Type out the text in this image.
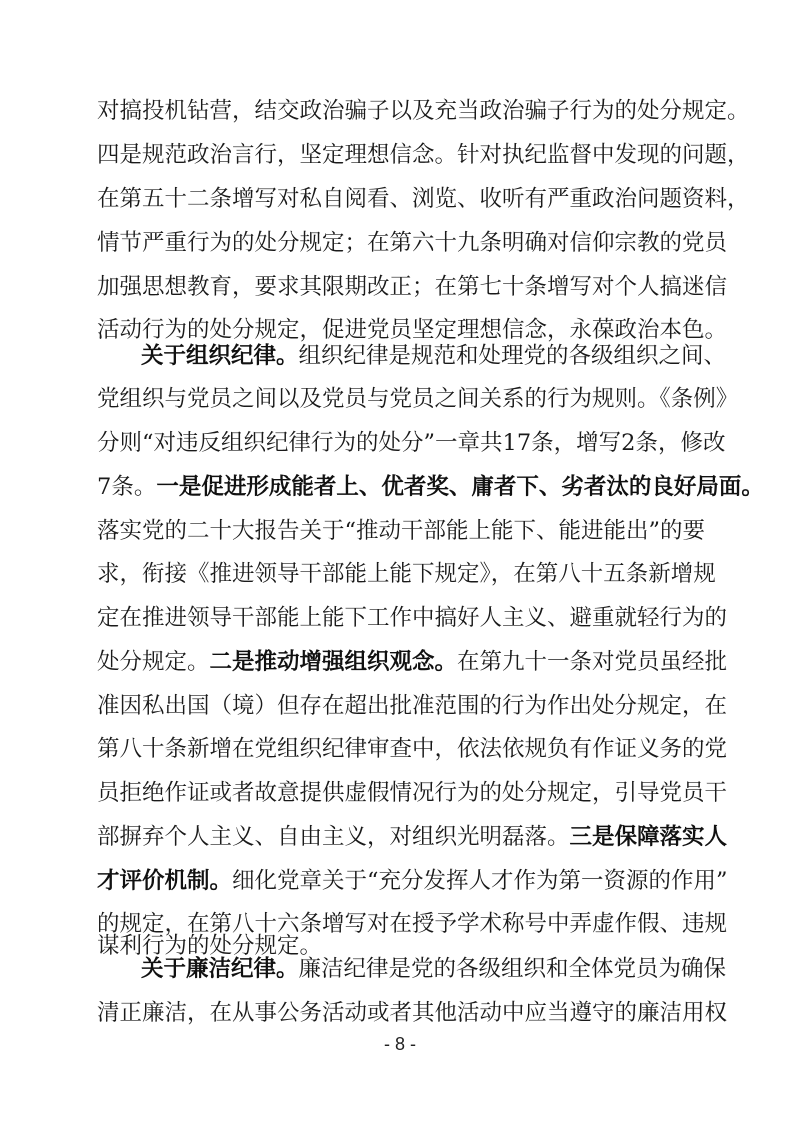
对搞投机钻营，结交政治骗子以及充当政治骗子行为的处分规定。
四是规范政治言行，坚定理想信念。针对执纪监督中发现的问题，
在第五十二条增写对私自阅看、浏览、收听有严重政治问题资料，
情节严重行为的处分规定；在第六十九条明确对信仰宗教的党员
加强思想教育，要求其限期改正；在第七十条增写对个人搞迷信
活动行为的处分规定，促进党员坚定理想信念，永葆政治本色。
关于组织纪律。组织纪律是规范和处理党的各级组织之间、
党组织与党员之间以及党员与党员之间关系的行为规则。《条例》
分则“对违反组织纪律行为的处分”一章共17条，增写2条，修改
7条。一是促进形成能者上、优者奖、庸者下、劣者汰的良好局面。
落实党的二十大报告关于“推动干部能上能下、能进能出”的要
求，衔接《推进领导干部能上能下规定》，在第八十五条新增规
定在推进领导干部能上能下工作中搞好人主义、避重就轻行为的
处分规定。二是推动增强组织观念。在第九十一条对党员虽经批
准因私出国（境）但存在超出批准范围的行为作出处分规定，在
第八十条新增在党组织纪律审查中，依法依规负有作证义务的党
员拒绝作证或者故意提供虚假情况行为的处分规定，引导党员干
部摒弃个人主义、自由主义，对组织光明磊落。三是保障落实人
才评价机制。细化党章关于“充分发挥人才作为第一资源的作用”
的规定，在第八十六条增写对在授予学术称号中弄虚作假、违规
谋利行为的处分规定。
关于廉洁纪律。廉洁纪律是党的各级组织和全体党员为确保
清正廉洁，在从事公务活动或者其他活动中应当遵守的廉洁用权
- 8 -
